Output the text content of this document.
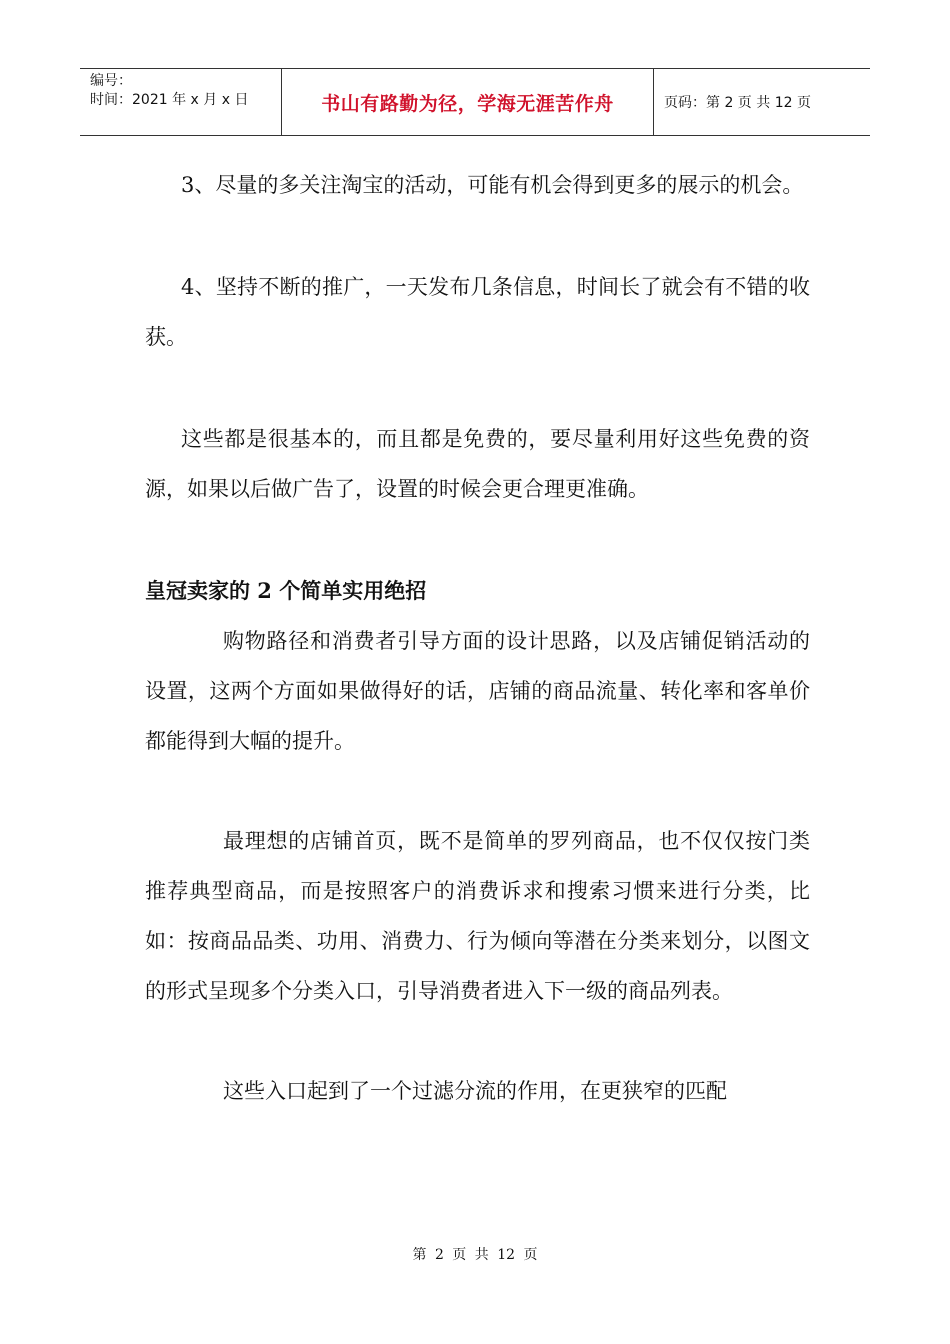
编号：
时间：2021 年 x 月 x 日	书山有路勤为径，学海无涯苦作舟	页码：第 2 页 共 12 页

3、尽量的多关注淘宝的活动，可能有机会得到更多的展示的机会。

4、坚持不断的推广，一天发布几条信息，时间长了就会有不错的收获。

这些都是很基本的，而且都是免费的，要尽量利用好这些免费的资源，如果以后做广告了，设置的时候会更合理更准确。

皇冠卖家的 2 个简单实用绝招

购物路径和消费者引导方面的设计思路，以及店铺促销活动的设置，这两个方面如果做得好的话，店铺的商品流量、转化率和客单价都能得到大幅的提升。

最理想的店铺首页，既不是简单的罗列商品，也不仅仅按门类推荐典型商品，而是按照客户的消费诉求和搜索习惯来进行分类，比如：按商品品类、功用、消费力、行为倾向等潜在分类来划分，以图文的形式呈现多个分类入口，引导消费者进入下一级的商品列表。

这些入口起到了一个过滤分流的作用，在更狭窄的匹配

第 2 页 共 12 页
